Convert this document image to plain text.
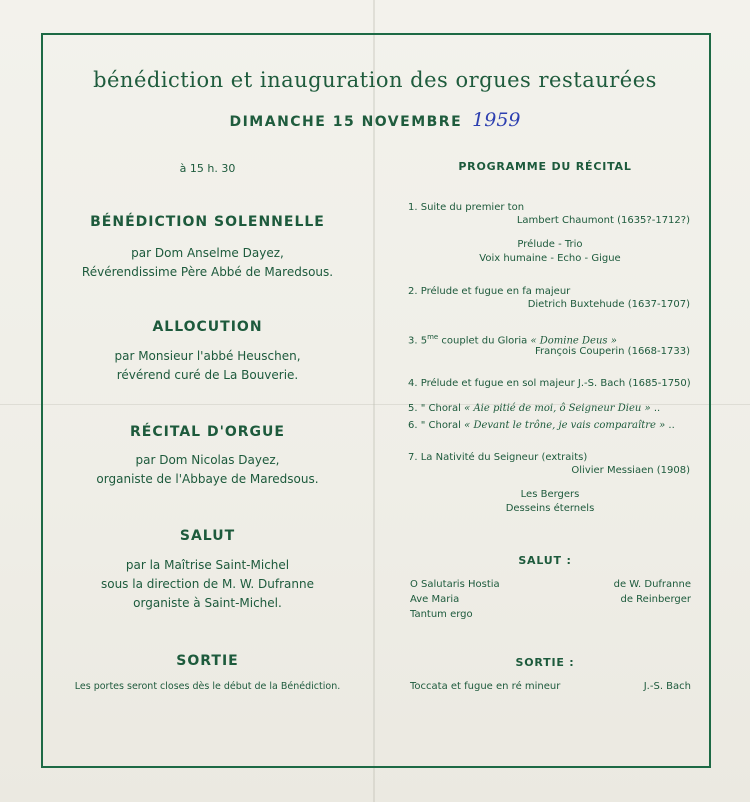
bénédiction et inauguration des orgues restaurées
DIMANCHE 15 NOVEMBRE 1959
à 15 h. 30
BÉNÉDICTION SOLENNELLE
par Dom Anselme Dayez,
Révérendissime Père Abbé de Maredsous.
ALLOCUTION
par Monsieur l'abbé Heuschen,
révérend curé de La Bouverie.
RÉCITAL D'ORGUE
par Dom Nicolas Dayez,
organiste de l'Abbaye de Maredsous.
SALUT
par la Maîtrise Saint-Michel
sous la direction de M. W. Dufranne
organiste à Saint-Michel.
SORTIE
Les portes seront closes dès le début de la Bénédiction.
PROGRAMME DU RÉCITAL
1. Suite du premier ton
Lambert Chaumont (1635?-1712?)
Prélude - Trio
Voix humaine - Echo - Gigue
2. Prélude et fugue en fa majeur
Dietrich Buxtehude (1637-1707)
3. $5^{me}$ couplet du Gloria « Domine Deus »
François Couperin (1668-1733)
4. Prélude et fugue en sol majeur J.-S. Bach (1685-1750)
5. " Choral « Aie pitié de moi, ô Seigneur Dieu » ..
6. " Choral « Devant le trône, je vais comparaître » ..
7. La Nativité du Seigneur (extraits)
Olivier Messiaen (1908)
Les Bergers
Desseins éternels
SALUT :
O Salutaris Hostia
Ave Maria
Tantum ergo
de W. Dufranne
de Reinberger
SORTIE :
Toccata et fugue en ré mineur	J.-S. Bach
